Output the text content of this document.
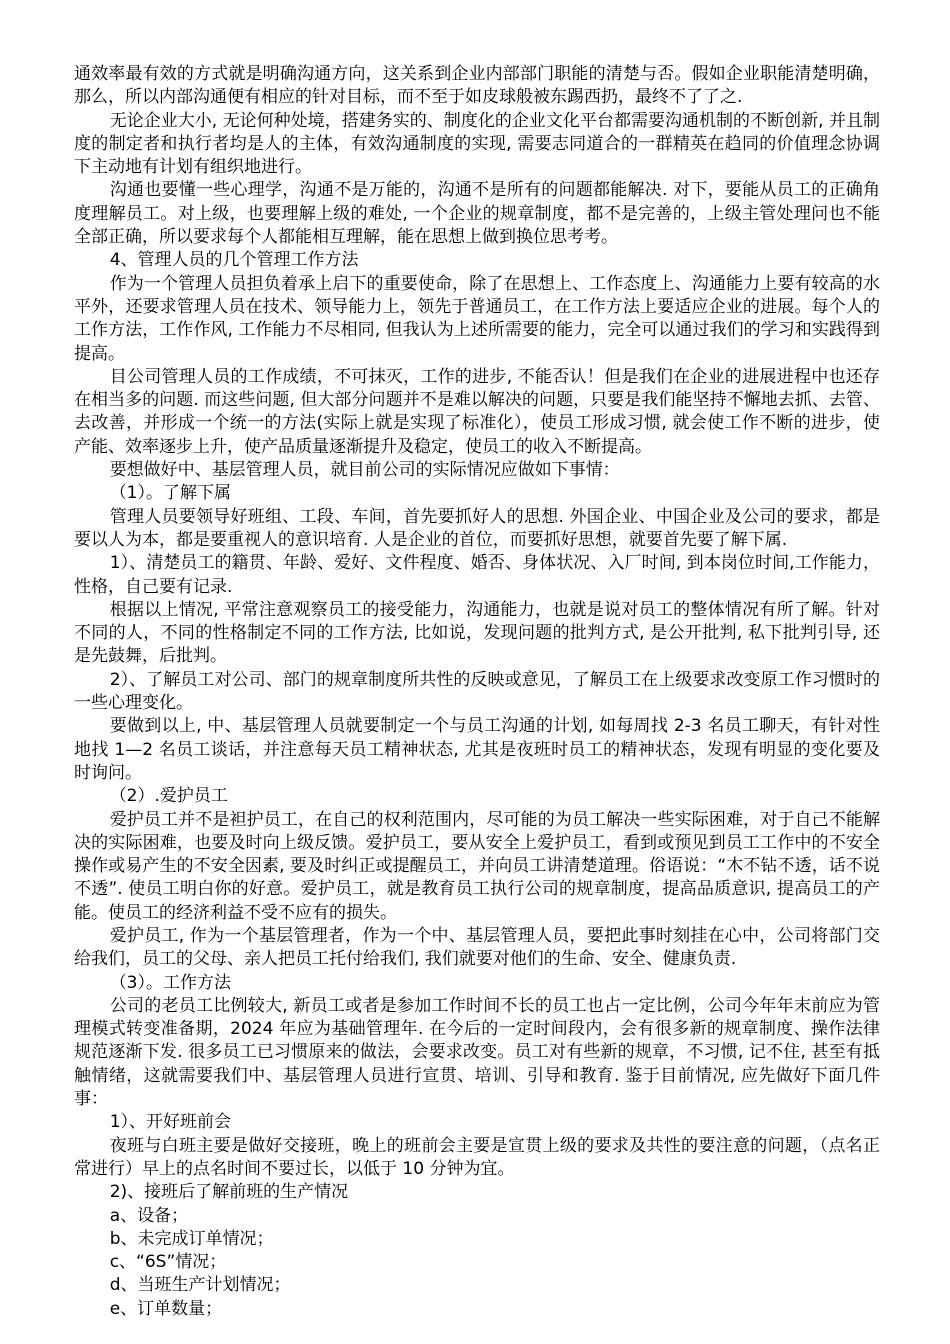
通效率最有效的方式就是明确沟通方向，这关系到企业内部部门职能的清楚与否。假如企业职能清楚明确，那么，所以内部沟通便有相应的针对目标，而不至于如皮球般被东踢西扔，最终不了了之.

无论企业大小, 无论何种处境，搭建务实的、制度化的企业文化平台都需要沟通机制的不断创新, 并且制度的制定者和执行者均是人的主体，有效沟通制度的实现, 需要志同道合的一群精英在趋同的价值理念协调下主动地有计划有组织地进行。

沟通也要懂一些心理学，沟通不是万能的，沟通不是所有的问题都能解决. 对下，要能从员工的正确角度理解员工。对上级，也要理解上级的难处, 一个企业的规章制度，都不是完善的，上级主管处理问也不能全部正确，所以要求每个人都能相互理解，能在思想上做到换位思考考。

4、管理人员的几个管理工作方法

作为一个管理人员担负着承上启下的重要使命，除了在思想上、工作态度上、沟通能力上要有较高的水平外，还要求管理人员在技术、领导能力上，领先于普通员工，在工作方法上要适应企业的进展。每个人的工作方法，工作作风, 工作能力不尽相同, 但我认为上述所需要的能力，完全可以通过我们的学习和实践得到提高。

目公司管理人员的工作成绩，不可抹灭，工作的进步, 不能否认！但是我们在企业的进展进程中也还存在相当多的问题. 而这些问题, 但大部分问题并不是难以解决的问题，只要是我们能坚持不懈地去抓、去管、去改善，并形成一个统一的方法(实际上就是实现了标准化），使员工形成习惯, 就会使工作不断的进步，使产能、效率逐步上升，使产品质量逐渐提升及稳定，使员工的收入不断提高。

要想做好中、基层管理人员，就目前公司的实际情况应做如下事情：

（1）。了解下属

管理人员要领导好班组、工段、车间，首先要抓好人的思想. 外国企业、中国企业及公司的要求，都是要以人为本，都是要重视人的意识培育. 人是企业的首位，而要抓好思想，就要首先要了解下属.

1）、清楚员工的籍贯、年龄、爱好、文件程度、婚否、身体状况、入厂时间, 到本岗位时间,工作能力，性格，自己要有记录.

根据以上情况, 平常注意观察员工的接受能力，沟通能力，也就是说对员工的整体情况有所了解。针对不同的人，不同的性格制定不同的工作方法, 比如说，发现问题的批判方式, 是公开批判, 私下批判引导, 还是先鼓舞，后批判。

2）、了解员工对公司、部门的规章制度所共性的反映或意见，了解员工在上级要求改变原工作习惯时的一些心理变化。

要做到以上, 中、基层管理人员就要制定一个与员工沟通的计划, 如每周找 2-3 名员工聊天，有针对性地找 1—2 名员工谈话，并注意每天员工精神状态, 尤其是夜班时员工的精神状态，发现有明显的变化要及时询问。

（2）.爱护员工

爱护员工并不是袒护员工，在自己的权利范围内，尽可能的为员工解决一些实际困难，对于自己不能解决的实际困难，也要及时向上级反馈。爱护员工，要从安全上爱护员工，看到或预见到员工工作中的不安全操作或易产生的不安全因素, 要及时纠正或提醒员工，并向员工讲清楚道理。俗语说：“木不钻不透，话不说不透”. 使员工明白你的好意。爱护员工，就是教育员工执行公司的规章制度，提高品质意识, 提高员工的产能。使员工的经济利益不受不应有的损失。

爱护员工, 作为一个基层管理者，作为一个中、基层管理人员，要把此事时刻挂在心中，公司将部门交给我们，员工的父母、亲人把员工托付给我们, 我们就要对他们的生命、安全、健康负责.

（3）。工作方法

公司的老员工比例较大, 新员工或者是参加工作时间不长的员工也占一定比例，公司今年年末前应为管理模式转变准备期，2024 年应为基础管理年. 在今后的一定时间段内，会有很多新的规章制度、操作法律规范逐渐下发. 很多员工已习惯原来的做法，会要求改变。员工对有些新的规章，不习惯, 记不住, 甚至有抵触情绪，这就需要我们中、基层管理人员进行宣贯、培训、引导和教育. 鉴于目前情况, 应先做好下面几件事：

1）、开好班前会

夜班与白班主要是做好交接班，晚上的班前会主要是宣贯上级的要求及共性的要注意的问题，（点名正常进行）早上的点名时间不要过长，以低于 10 分钟为宜。

2)、接班后了解前班的生产情况

a、设备；

b、未完成订单情况；

c、“6S”情况；

d、当班生产计划情况；

e、订单数量；
